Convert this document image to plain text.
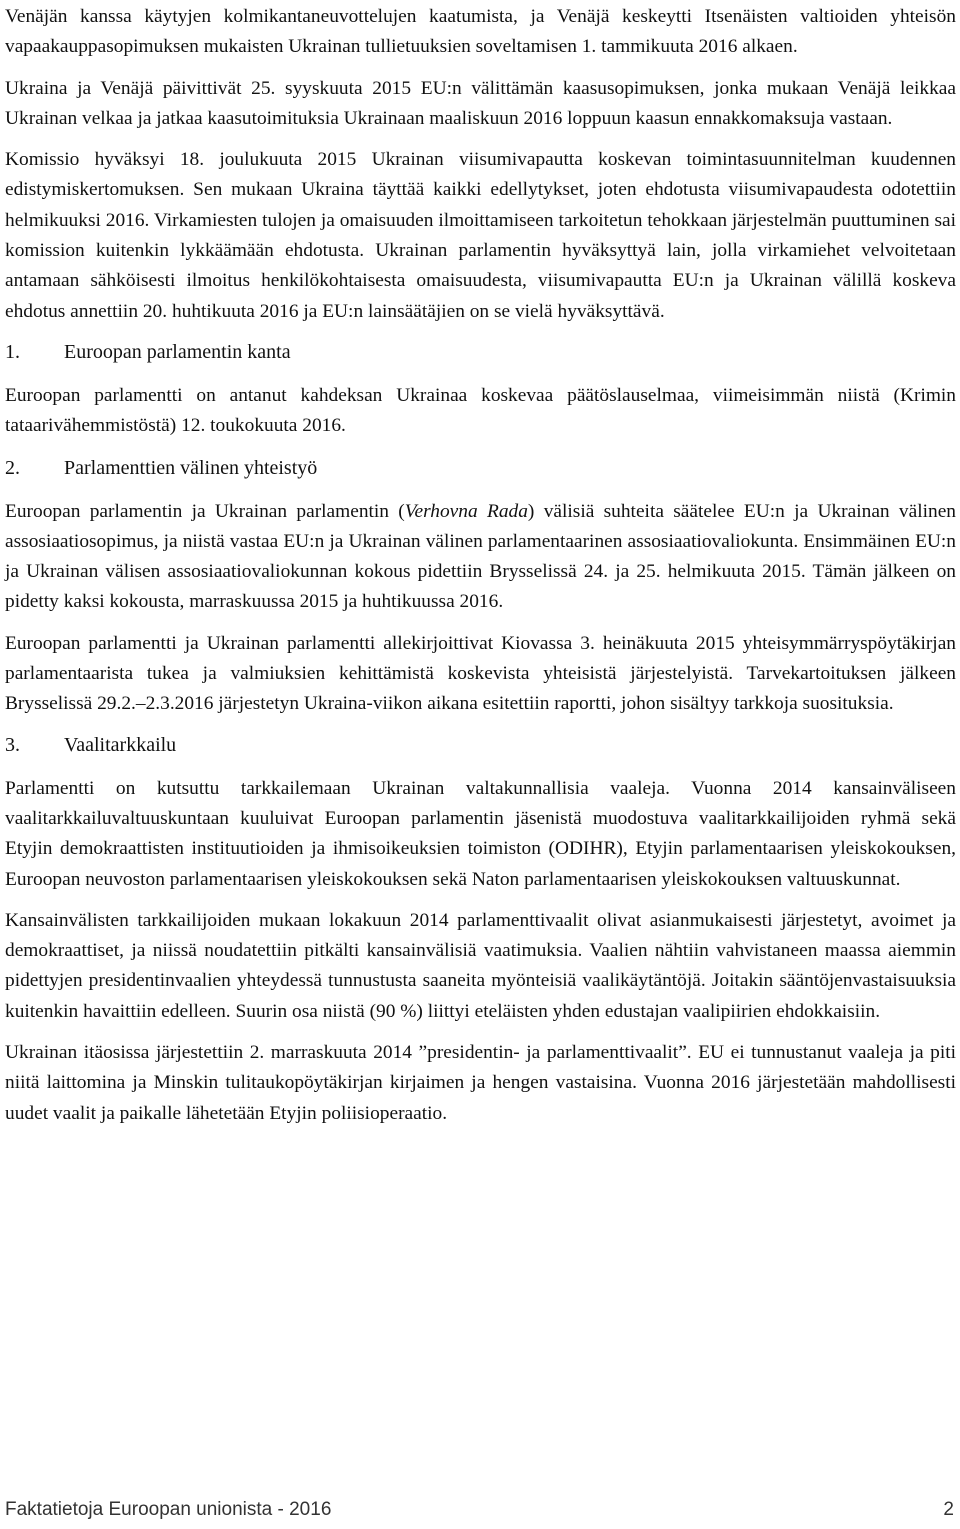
Venäjän kanssa käytyjen kolmikantaneuvottelujen kaatumista, ja Venäjä keskeytti Itsenäisten valtioiden yhteisön vapaakauppasopimuksen mukaisten Ukrainan tullietuuksien soveltamisen 1. tammikuuta 2016 alkaen.

Ukraina ja Venäjä päivittivät 25. syyskuuta 2015 EU:n välittämän kaasusopimuksen, jonka mukaan Venäjä leikkaa Ukrainan velkaa ja jatkaa kaasutoimituksia Ukrainaan maaliskuun 2016 loppuun kaasun ennakkomaksuja vastaan.

Komissio hyväksyi 18. joulukuuta 2015 Ukrainan viisumivapautta koskevan toimintasuunnitelman kuudennen edistymiskertomuksen. Sen mukaan Ukraina täyttää kaikki edellytykset, joten ehdotusta viisumivapaudesta odotettiin helmikuuksi 2016. Virkamiesten tulojen ja omaisuuden ilmoittamiseen tarkoitetun tehokkaan järjestelmän puuttuminen sai komission kuitenkin lykkäämään ehdotusta. Ukrainan parlamentin hyväksyttyä lain, jolla virkamiehet velvoitetaan antamaan sähköisesti ilmoitus henkilökohtaisesta omaisuudesta, viisumivapautta EU:n ja Ukrainan välillä koskeva ehdotus annettiin 20. huhtikuuta 2016 ja EU:n lainsäätäjien on se vielä hyväksyttävä.

1. Euroopan parlamentin kanta

Euroopan parlamentti on antanut kahdeksan Ukrainaa koskevaa päätöslauselmaa, viimeisimmän niistä (Krimin tataarivähemmistöstä) 12. toukokuuta 2016.

2. Parlamenttien välinen yhteistyö

Euroopan parlamentin ja Ukrainan parlamentin (Verhovna Rada) välisiä suhteita säätelee EU:n ja Ukrainan välinen assosiaatiosopimus, ja niistä vastaa EU:n ja Ukrainan välinen parlamentaarinen assosiaatiovaliokunta. Ensimmäinen EU:n ja Ukrainan välisen assosiaatiovaliokunnan kokous pidettiin Brysselissä 24. ja 25. helmikuuta 2015. Tämän jälkeen on pidetty kaksi kokousta, marraskuussa 2015 ja huhtikuussa 2016.

Euroopan parlamentti ja Ukrainan parlamentti allekirjoittivat Kiovassa 3. heinäkuuta 2015 yhteisymmärryspöytäkirjan parlamentaarista tukea ja valmiuksien kehittämistä koskevista yhteisistä järjestelyistä. Tarvekartoituksen jälkeen Brysselissä 29.2.–2.3.2016 järjestetyn Ukraina-viikon aikana esitettiin raportti, johon sisältyy tarkkoja suosituksia.

3. Vaalitarkkailu

Parlamentti on kutsuttu tarkkailemaan Ukrainan valtakunnallisia vaaleja. Vuonna 2014 kansainväliseen vaalitarkkailuvaltuuskuntaan kuuluivat Euroopan parlamentin jäsenistä muodostuva vaalitarkkailijoiden ryhmä sekä Etyjin demokraattisten instituutioiden ja ihmisoikeuksien toimiston (ODIHR), Etyjin parlamentaarisen yleiskokouksen, Euroopan neuvoston parlamentaarisen yleiskokouksen sekä Naton parlamentaarisen yleiskokouksen valtuuskunnat.

Kansainvälisten tarkkailijoiden mukaan lokakuun 2014 parlamenttivaalit olivat asianmukaisesti järjestetyt, avoimet ja demokraattiset, ja niissä noudatettiin pitkälti kansainvälisiä vaatimuksia. Vaalien nähtiin vahvistaneen maassa aiemmin pidettyjen presidentinvaalien yhteydessä tunnustusta saaneita myönteisiä vaalikäytäntöjä. Joitakin sääntöjenvastaisuuksia kuitenkin havaittiin edelleen. Suurin osa niistä (90 %) liittyi eteläisten yhden edustajan vaalipiirien ehdokkaisiin.

Ukrainan itäosissa järjestettiin 2. marraskuuta 2014 ”presidentin- ja parlamenttivaalit”. EU ei tunnustanut vaaleja ja piti niitä laittomina ja Minskin tulitaukopöytäkirjan kirjaimen ja hengen vastaisina. Vuonna 2016 järjestetään mahdollisesti uudet vaalit ja paikalle lähetetään Etyjin poliisioperaatio.

Faktatietoja Euroopan unionista - 2016	2
